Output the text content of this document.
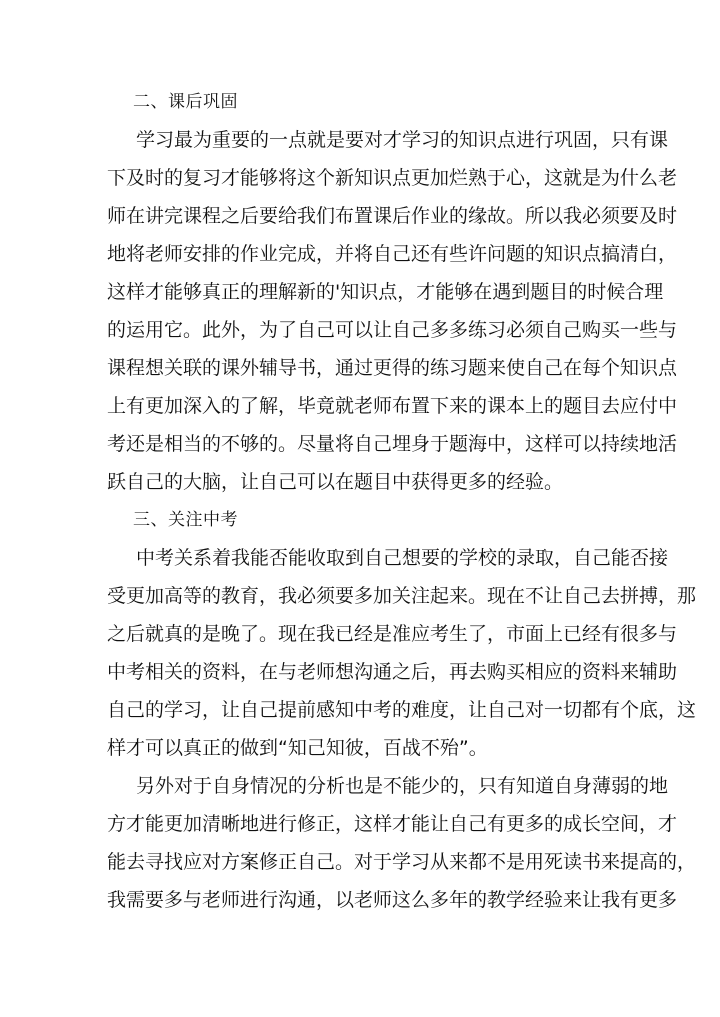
二、课后巩固
学习最为重要的一点就是要对才学习的知识点进行巩固，只有课
下及时的复习才能够将这个新知识点更加烂熟于心，这就是为什么老
师在讲完课程之后要给我们布置课后作业的缘故。所以我必须要及时
地将老师安排的作业完成，并将自己还有些许问题的知识点搞清白，
这样才能够真正的理解新的'知识点，才能够在遇到题目的时候合理
的运用它。此外，为了自己可以让自己多多练习必须自己购买一些与
课程想关联的课外辅导书，通过更得的练习题来使自己在每个知识点
上有更加深入的了解，毕竟就老师布置下来的课本上的题目去应付中
考还是相当的不够的。尽量将自己埋身于题海中，这样可以持续地活
跃自己的大脑，让自己可以在题目中获得更多的经验。
三、关注中考
中考关系着我能否能收取到自己想要的学校的录取，自己能否接
受更加高等的教育，我必须要多加关注起来。现在不让自己去拼搏，那
之后就真的是晚了。现在我已经是准应考生了，市面上已经有很多与
中考相关的资料，在与老师想沟通之后，再去购买相应的资料来辅助
自己的学习，让自己提前感知中考的难度，让自己对一切都有个底，这
样才可以真正的做到“知己知彼，百战不殆”。
另外对于自身情况的分析也是不能少的，只有知道自身薄弱的地
方才能更加清晰地进行修正，这样才能让自己有更多的成长空间，才
能去寻找应对方案修正自己。对于学习从来都不是用死读书来提高的，
我需要多与老师进行沟通，以老师这么多年的教学经验来让我有更多
